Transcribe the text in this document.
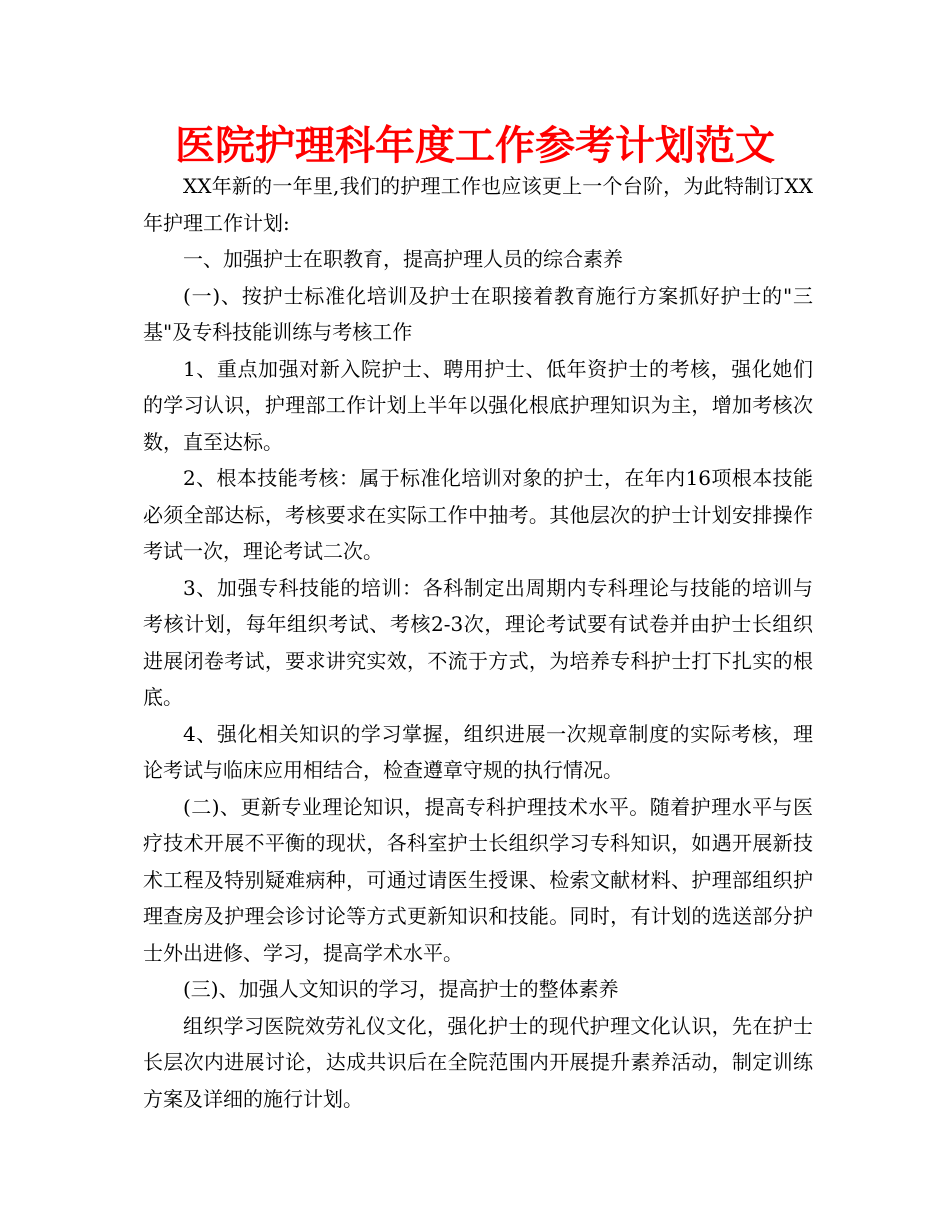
医院护理科年度工作参考计划范文

XX年新的一年里,我们的护理工作也应该更上一个台阶，为此特制订XX年护理工作计划:

一、加强护士在职教育，提高护理人员的综合素养

(一)、按护士标准化培训及护士在职接着教育施行方案抓好护士的"三基"及专科技能训练与考核工作

1、重点加强对新入院护士、聘用护士、低年资护士的考核，强化她们的学习认识，护理部工作计划上半年以强化根底护理知识为主，增加考核次数，直至达标。

2、根本技能考核：属于标准化培训对象的护士，在年内16项根本技能必须全部达标，考核要求在实际工作中抽考。其他层次的护士计划安排操作考试一次，理论考试二次。

3、加强专科技能的培训：各科制定出周期内专科理论与技能的培训与考核计划，每年组织考试、考核2-3次，理论考试要有试卷并由护士长组织进展闭卷考试，要求讲究实效，不流于方式，为培养专科护士打下扎实的根底。

4、强化相关知识的学习掌握，组织进展一次规章制度的实际考核，理论考试与临床应用相结合，检查遵章守规的执行情况。

(二)、更新专业理论知识，提高专科护理技术水平。随着护理水平与医疗技术开展不平衡的现状，各科室护士长组织学习专科知识，如遇开展新技术工程及特别疑难病种，可通过请医生授课、检索文献材料、护理部组织护理查房及护理会诊讨论等方式更新知识和技能。同时，有计划的选送部分护士外出进修、学习，提高学术水平。

(三)、加强人文知识的学习，提高护士的整体素养

组织学习医院效劳礼仪文化，强化护士的现代护理文化认识，先在护士长层次内进展讨论，达成共识后在全院范围内开展提升素养活动，制定训练方案及详细的施行计划。
